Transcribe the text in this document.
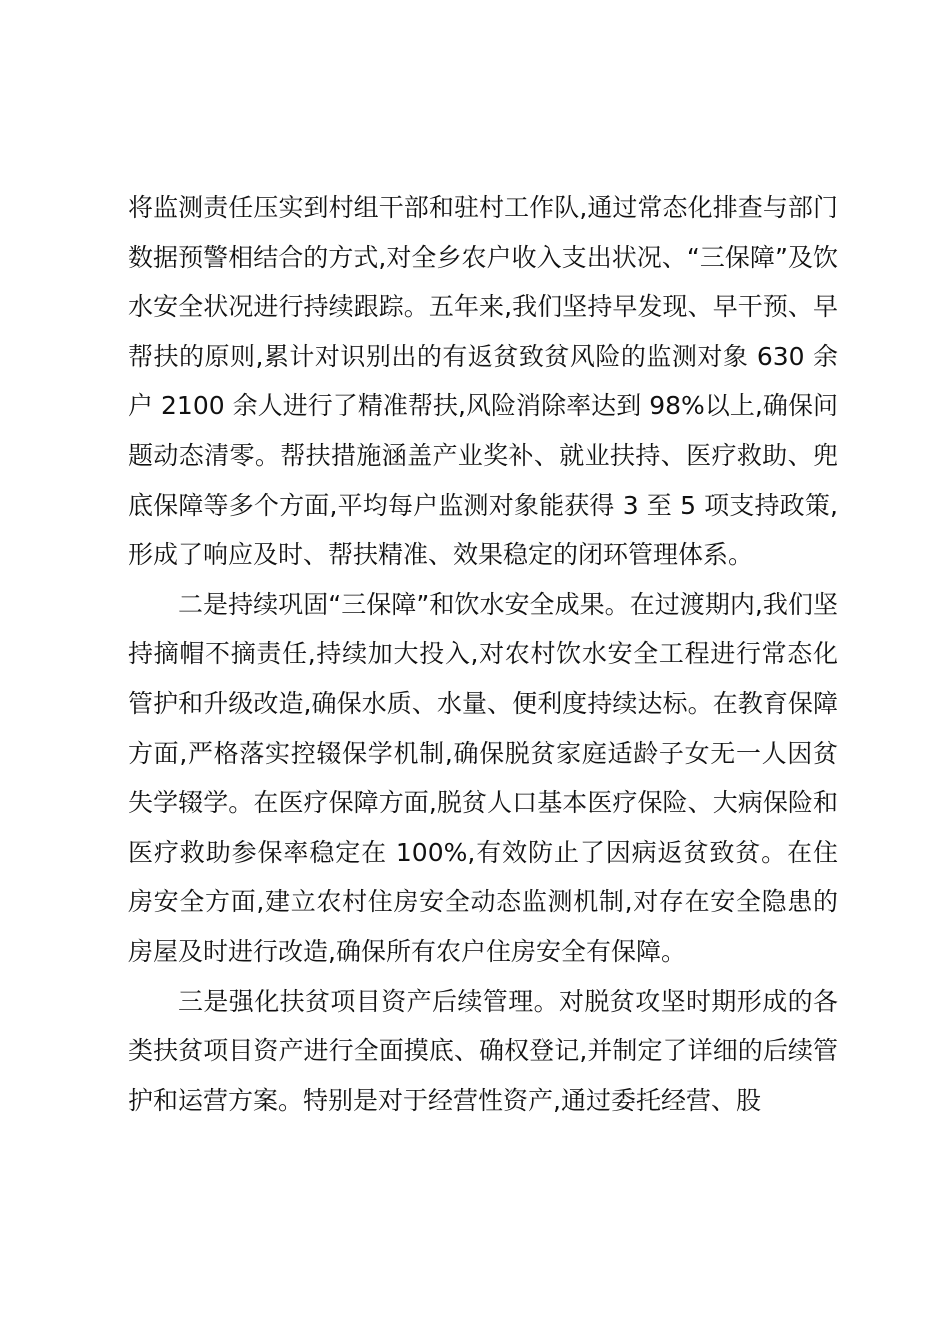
将监测责任压实到村组干部和驻村工作队,通过常态化排查与部门数据预警相结合的方式,对全乡农户收入支出状况、“三保障”及饮水安全状况进行持续跟踪。五年来,我们坚持早发现、早干预、早帮扶的原则,累计对识别出的有返贫致贫风险的监测对象 630 余户 2100 余人进行了精准帮扶,风险消除率达到 98%以上,确保问题动态清零。帮扶措施涵盖产业奖补、就业扶持、医疗救助、兜底保障等多个方面,平均每户监测对象能获得 3 至 5 项支持政策,形成了响应及时、帮扶精准、效果稳定的闭环管理体系。

二是持续巩固“三保障”和饮水安全成果。在过渡期内,我们坚持摘帽不摘责任,持续加大投入,对农村饮水安全工程进行常态化管护和升级改造,确保水质、水量、便利度持续达标。在教育保障方面,严格落实控辍保学机制,确保脱贫家庭适龄子女无一人因贫失学辍学。在医疗保障方面,脱贫人口基本医疗保险、大病保险和医疗救助参保率稳定在 100%,有效防止了因病返贫致贫。在住房安全方面,建立农村住房安全动态监测机制,对存在安全隐患的房屋及时进行改造,确保所有农户住房安全有保障。

三是强化扶贫项目资产后续管理。对脱贫攻坚时期形成的各类扶贫项目资产进行全面摸底、确权登记,并制定了详细的后续管护和运营方案。特别是对于经营性资产,通过委托经营、股
